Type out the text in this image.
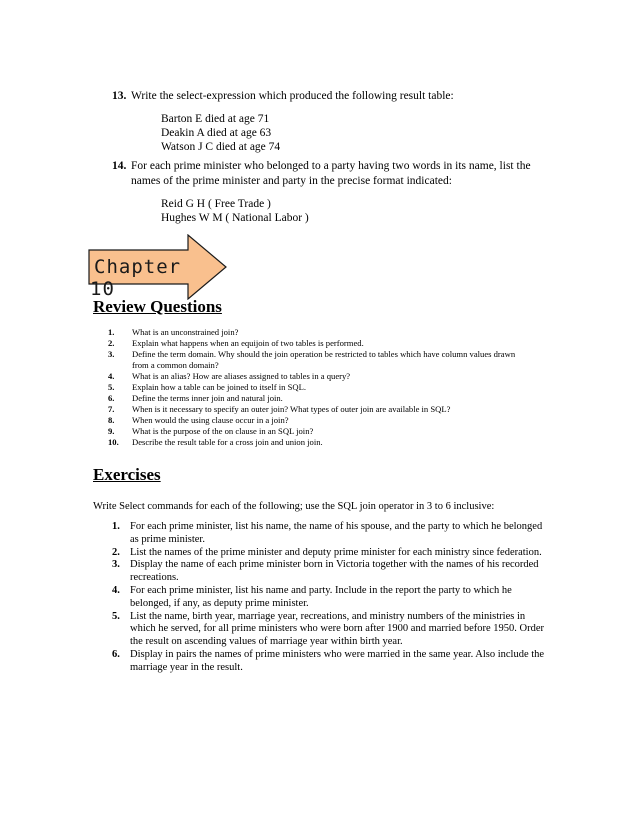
13. Write the select-expression which produced the following result table:
Barton E died at age 71
Deakin A died at age 63
Watson J C died at age 74
14. For each prime minister who belonged to a party having two words in its name, list the names of the prime minister and party in the precise format indicated:
Reid G H ( Free Trade )
Hughes W M ( National Labor )
Chapter
10
Review Questions
1.	What is an unconstrained join?
2.	Explain what happens when an equijoin of two tables is performed.
3.	Define the term domain. Why should the join operation be restricted to tables which have column values drawn from a common domain?
4.	What is an alias? How are aliases assigned to tables in a query?
5.	Explain how a table can be joined to itself in SQL.
6.	Define the terms inner join and natural join.
7.	When is it necessary to specify an outer join? What types of outer join are available in SQL?
8.	When would the using clause occur in a join?
9.	What is the purpose of the on clause in an SQL join?
10.	Describe the result table for a cross join and union join.
Exercises
Write Select commands for each of the following; use the SQL join operator in 3 to 6 inclusive:
1. For each prime minister, list his name, the name of his spouse, and the party to which he belonged as prime minister.
2. List the names of the prime minister and deputy prime minister for each ministry since federation.
3. Display the name of each prime minister born in Victoria together with the names of his recorded recreations.
4. For each prime minister, list his name and party. Include in the report the party to which he belonged, if any, as deputy prime minister.
5. List the name, birth year, marriage year, recreations, and ministry numbers of the ministries in which he served, for all prime ministers who were born after 1900 and married before 1950. Order the result on ascending values of marriage year within birth year.
6. Display in pairs the names of prime ministers who were married in the same year. Also include the marriage year in the result.
